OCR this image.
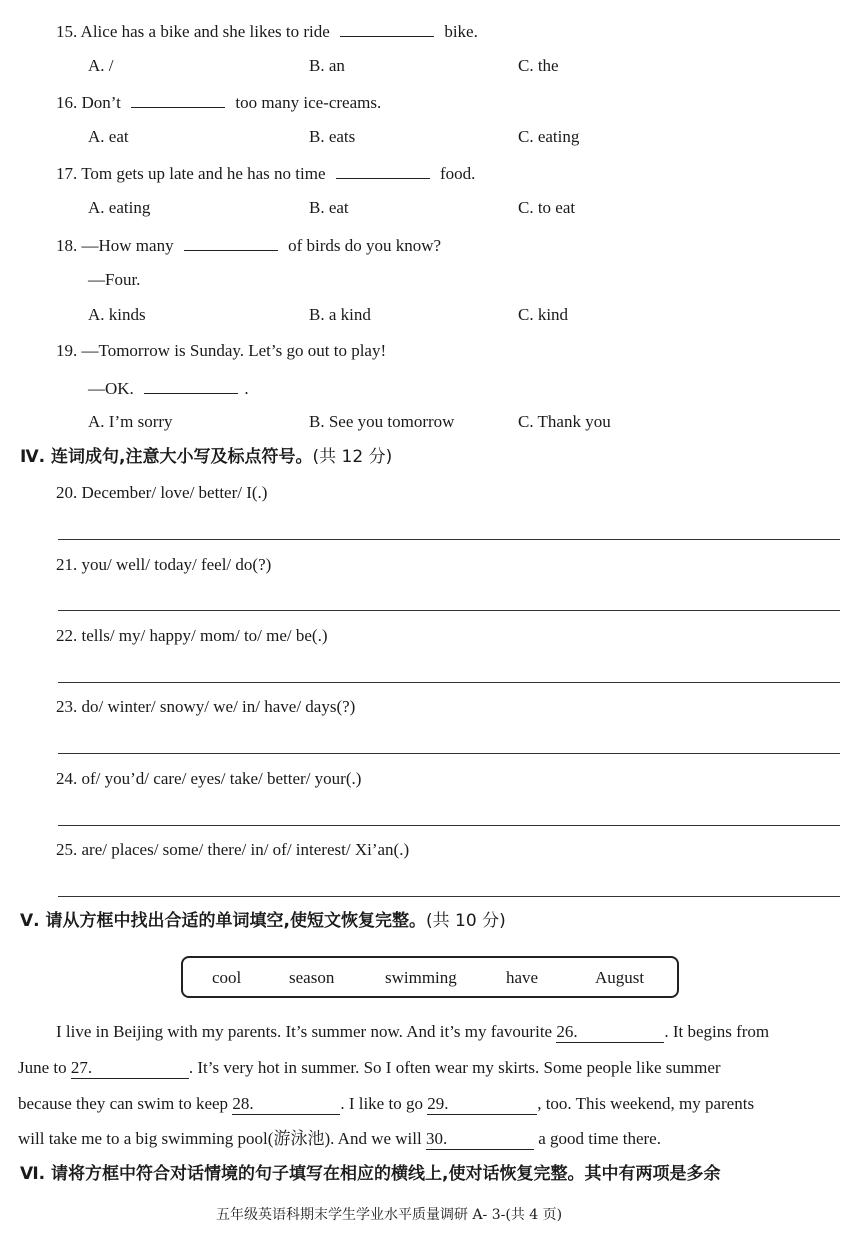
15. Alice has a bike and she likes to ride	bike.
A. /	B. an	C. the
16. Don’t	too many ice-creams.
A. eat	B. eats	C. eating
17. Tom gets up late and he has no time	food.
A. eating	B. eat	C. to eat
18. —How many	of birds do you know?
—Four.
A. kinds	B. a kind	C. kind
19. —Tomorrow is Sunday. Let’s go out to play!
—OK.	.
A. I’m sorry	B. See you tomorrow	C. Thank you
Ⅳ. 连词成句,注意大小写及标点符号。(共 12 分)
20. December/ love/ better/ I(.)
21. you/ well/ today/ feel/ do(?)
22. tells/ my/ happy/ mom/ to/ me/ be(.)
23. do/ winter/ snowy/ we/ in/ have/ days(?)
24. of/ you’d/ care/ eyes/ take/ better/ your(.)
25. are/ places/ some/ there/ in/ of/ interest/ Xi’an(.)
Ⅴ. 请从方框中找出合适的单词填空,使短文恢复完整。(共 10 分)
cool	season	swimming	have	August
I live in Beijing with my parents. It’s summer now. And it’s my favourite 26.	. It begins from
June to 27.	. It’s very hot in summer. So I often wear my skirts. Some people like summer
because they can swim to keep 28.	. I like to go 29.	, too. This weekend, my parents
will take me to a big swimming pool(游泳池). And we will 30.	a good time there.
Ⅵ. 请将方框中符合对话情境的句子填写在相应的横线上,使对话恢复完整。其中有两项是多余
五年级英语科期末学生学业水平质量调研 A- 3-(共 4 页)
